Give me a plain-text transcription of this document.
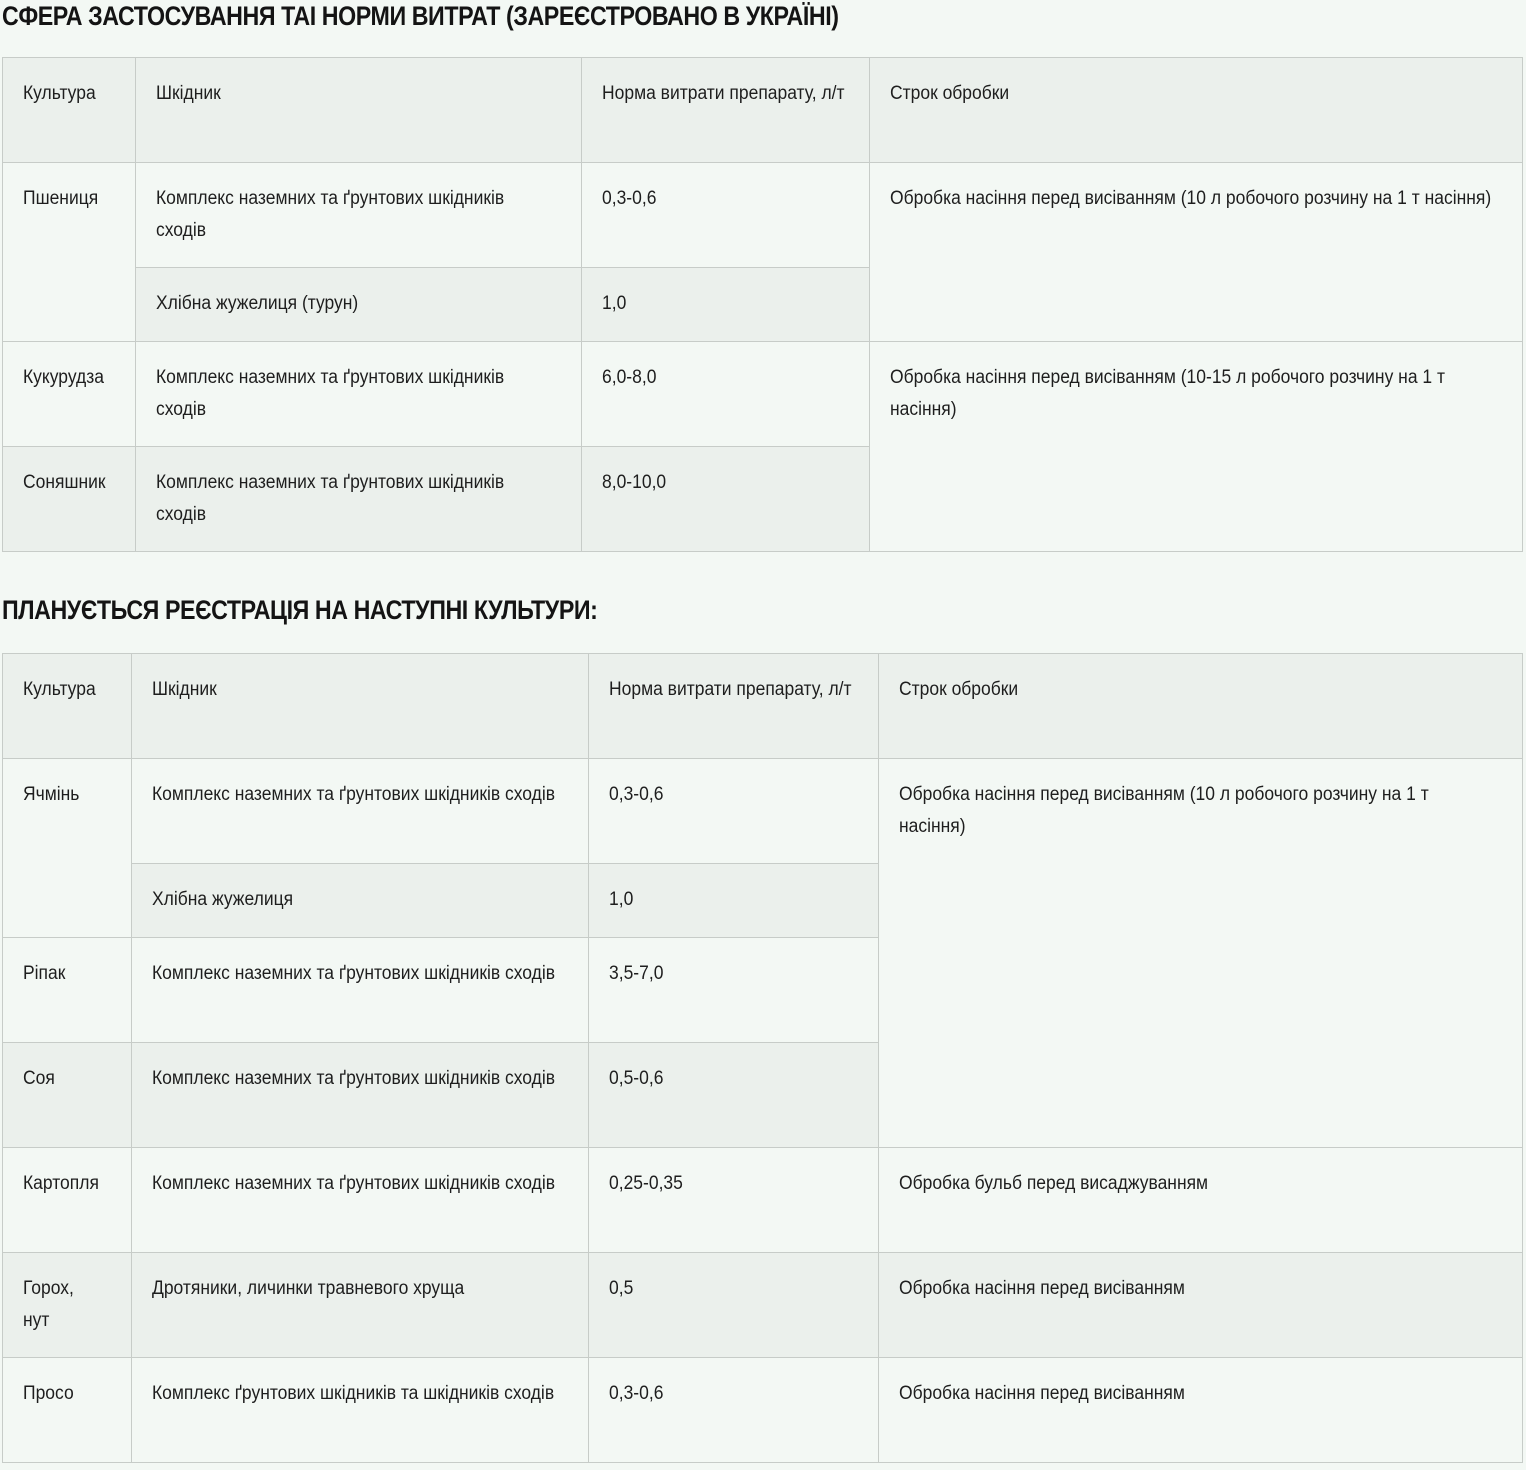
СФЕРА ЗАСТОСУВАННЯ ТАІ НОРМИ ВИТРАТ (ЗАРЕЄСТРОВАНО В УКРАЇНІ)
Культура	Шкідник	Норма витрати препарату, л/т	Строк обробки
Пшениця	Комплекс наземних та ґрунтових шкідників сходів	0,3-0,6	Обробка насіння перед висіванням (10 л робочого розчину на 1 т насіння)
	Хлібна жужелиця (турун)	1,0	
Кукурудза	Комплекс наземних та ґрунтових шкідників сходів	6,0-8,0	Обробка насіння перед висіванням (10-15 л робочого розчину на 1 т насіння)
Соняшник	Комплекс наземних та ґрунтових шкідників сходів	8,0-10,0	
ПЛАНУЄТЬСЯ РЕЄСТРАЦІЯ НА НАСТУПНІ КУЛЬТУРИ:
Культура	Шкідник	Норма витрати препарату, л/т	Строк обробки
Ячмінь	Комплекс наземних та ґрунтових шкідників сходів	0,3-0,6	Обробка насіння перед висіванням (10 л робочого розчину на 1 т насіння)
	Хлібна жужелиця	1,0	
Ріпак	Комплекс наземних та ґрунтових шкідників сходів	3,5-7,0	
Соя	Комплекс наземних та ґрунтових шкідників сходів	0,5-0,6	
Картопля	Комплекс наземних та ґрунтових шкідників сходів	0,25-0,35	Обробка бульб перед висаджуванням
Горох, нут	Дротяники, личинки травневого хруща	0,5	Обробка насіння перед висіванням
Просо	Комплекс ґрунтових шкідників та шкідників сходів	0,3-0,6	Обробка насіння перед висіванням
